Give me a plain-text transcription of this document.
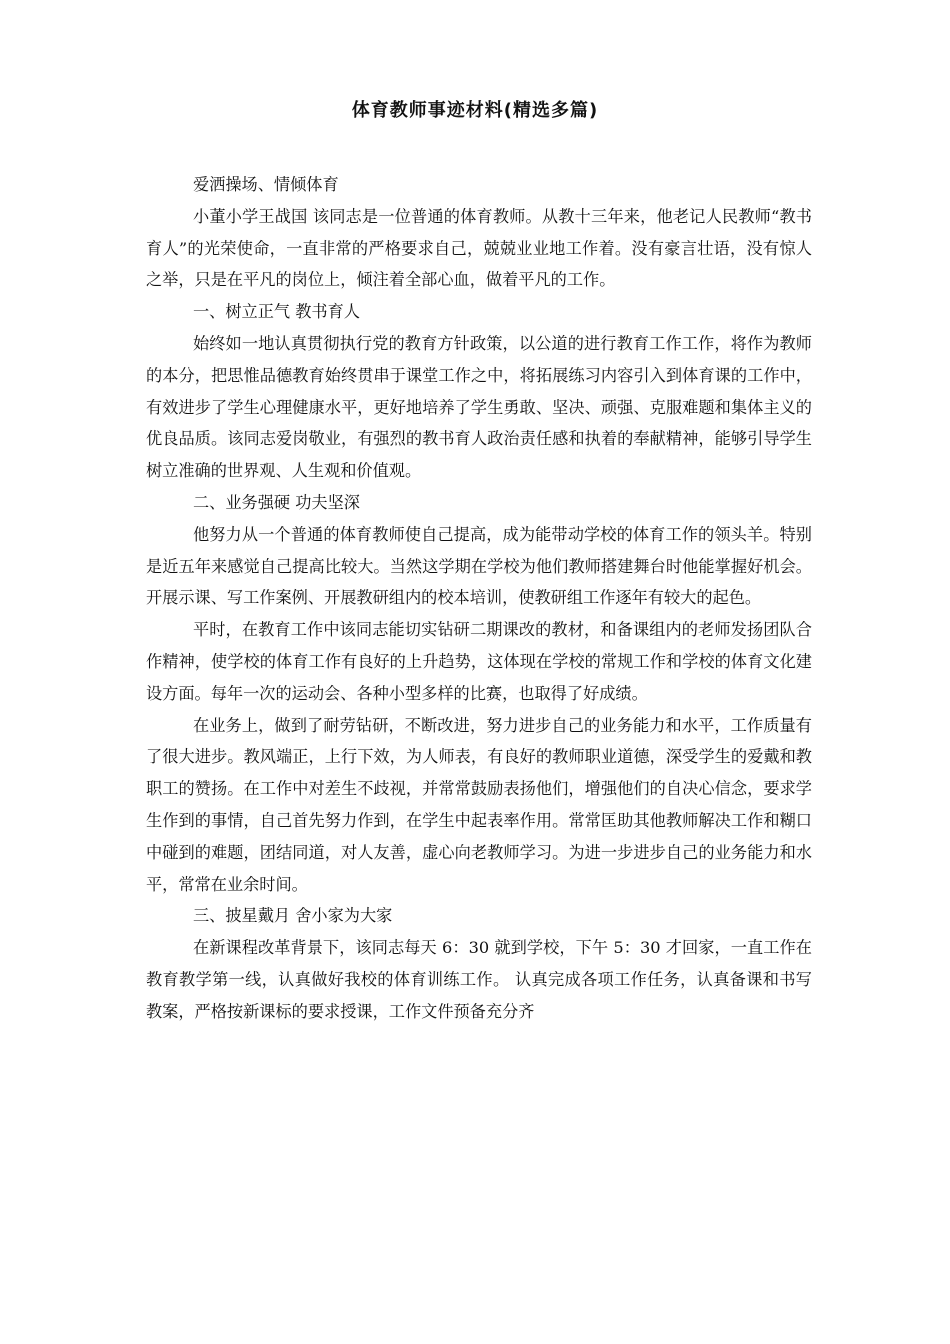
体育教师事迹材料(精选多篇)

爱洒操场、情倾体育

小董小学王战国 该同志是一位普通的体育教师。从教十三年来，他老记人民教师“教书育人”的光荣使命，一直非常的严格要求自己，兢兢业业地工作着。没有豪言壮语，没有惊人之举，只是在平凡的岗位上，倾注着全部心血，做着平凡的工作。

一、树立正气 教书育人

始终如一地认真贯彻执行党的教育方针政策，以公道的进行教育工作工作，将作为教师的本分，把思惟品德教育始终贯串于课堂工作之中，将拓展练习内容引入到体育课的工作中，有效进步了学生心理健康水平，更好地培养了学生勇敢、坚决、顽强、克服难题和集体主义的优良品质。该同志爱岗敬业，有强烈的教书育人政治责任感和执着的奉献精神，能够引导学生树立准确的世界观、人生观和价值观。

二、业务强硬 功夫坚深

他努力从一个普通的体育教师使自己提高，成为能带动学校的体育工作的领头羊。特别是近五年来感觉自己提高比较大。当然这学期在学校为他们教师搭建舞台时他能掌握好机会。开展示课、写工作案例、开展教研组内的校本培训，使教研组工作逐年有较大的起色。

平时，在教育工作中该同志能切实钻研二期课改的教材，和备课组内的老师发扬团队合作精神，使学校的体育工作有良好的上升趋势，这体现在学校的常规工作和学校的体育文化建设方面。每年一次的运动会、各种小型多样的比赛，也取得了好成绩。

在业务上，做到了耐劳钻研，不断改进，努力进步自己的业务能力和水平，工作质量有了很大进步。教风端正，上行下效，为人师表，有良好的教师职业道德，深受学生的爱戴和教职工的赞扬。在工作中对差生不歧视，并常常鼓励表扬他们，增强他们的自决心信念，要求学生作到的事情，自己首先努力作到，在学生中起表率作用。常常匡助其他教师解决工作和糊口中碰到的难题，团结同道，对人友善，虚心向老教师学习。为进一步进步自己的业务能力和水平，常常在业余时间。

三、披星戴月 舍小家为大家

在新课程改革背景下，该同志每天 6：30 就到学校，下午 5：30 才回家，一直工作在教育教学第一线，认真做好我校的体育训练工作。 认真完成各项工作任务，认真备课和书写教案，严格按新课标的要求授课，工作文件预备充分齐
